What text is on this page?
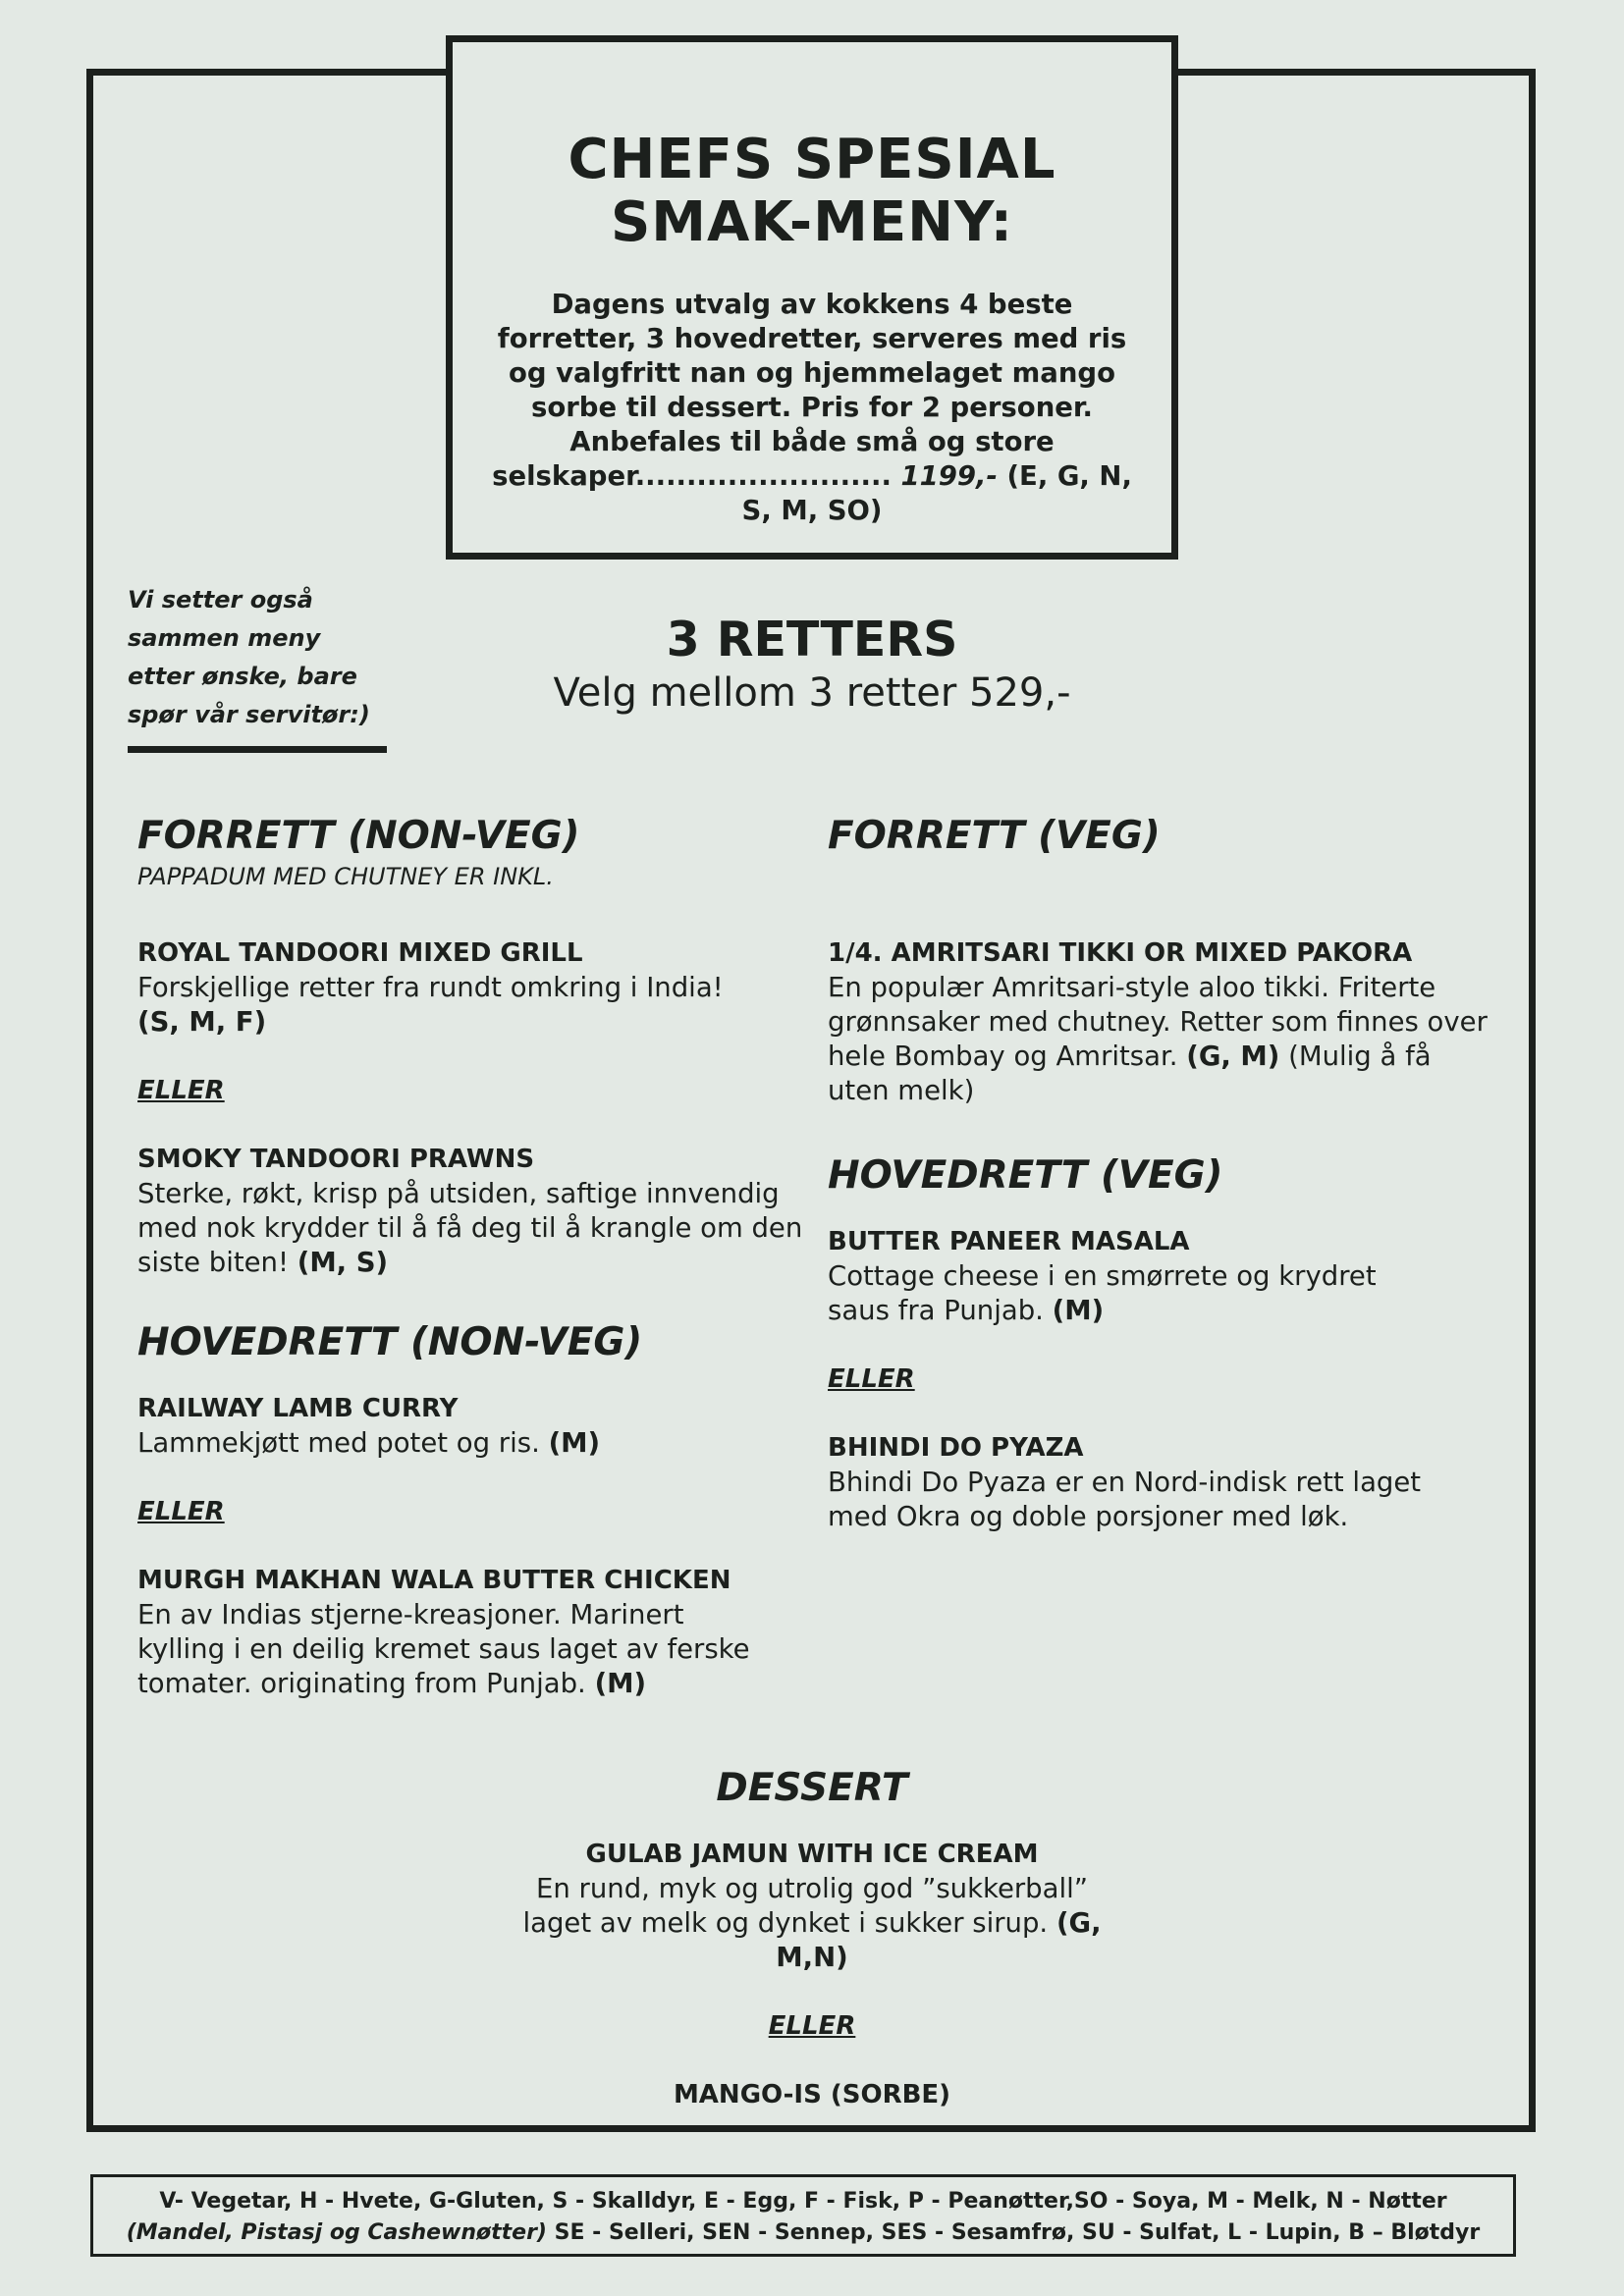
CHEFS SPESIAL
SMAK-MENY:

Dagens utvalg av kokkens 4 beste forretter, 3 hovedretter, serveres med ris og valgfritt nan og hjemmelaget mango sorbe til dessert. Pris for 2 personer. Anbefales til både små og store selskaper......................... 1199,- (E, G, N, S, M, SO)

Vi setter også sammen meny etter ønske, bare spør vår servitør:)
3 RETTERS

Velg mellom 3 retter 529,-

FORRETT (NON-VEG)

PAPPADUM MED CHUTNEY ER INKL.

ROYAL TANDOORI MIXED GRILL

Forskjellige retter fra rundt omkring i India!

(S, M, F)

ELLER

SMOKY TANDOORI PRAWNS

Sterke, røkt, krisp på utsiden, saftige innvendig med nok krydder til å få deg til å krangle om den siste biten! (M, S)

HOVEDRETT (NON-VEG)

RAILWAY LAMB CURRY

Lammekjøtt med potet og ris. (M)

ELLER

MURGH MAKHAN WALA BUTTER CHICKEN

En av Indias stjerne-kreasjoner. Marinert kylling i en deilig kremet saus laget av ferske tomater. originating from Punjab. (M)

FORRETT (VEG)

1/4. AMRITSARI TIKKI OR MIXED PAKORA

En populær Amritsari-style aloo tikki. Friterte grønnsaker med chutney. Retter som finnes over hele Bombay og Amritsar. (G, M) (Mulig å få uten melk)

HOVEDRETT (VEG)

BUTTER PANEER MASALA

Cottage cheese i en smørrete og krydret saus fra Punjab. (M)

ELLER

BHINDI DO PYAZA

Bhindi Do Pyaza er en Nord-indisk rett laget med Okra og doble porsjoner med løk.

DESSERT

GULAB JAMUN WITH ICE CREAM

En rund, myk og utrolig god ”sukkerball” laget av melk og dynket i sukker sirup. (G, M,N)

ELLER

MANGO-IS (SORBE)

V- Vegetar, H - Hvete, G-Gluten, S - Skalldyr, E - Egg, F - Fisk, P - Peanøtter,SO - Soya, M - Melk, N - Nøtter
(Mandel, Pistasj og Cashewnøtter) SE - Selleri, SEN - Sennep, SES - Sesamfrø, SU - Sulfat, L - Lupin, B – Bløtdyr
